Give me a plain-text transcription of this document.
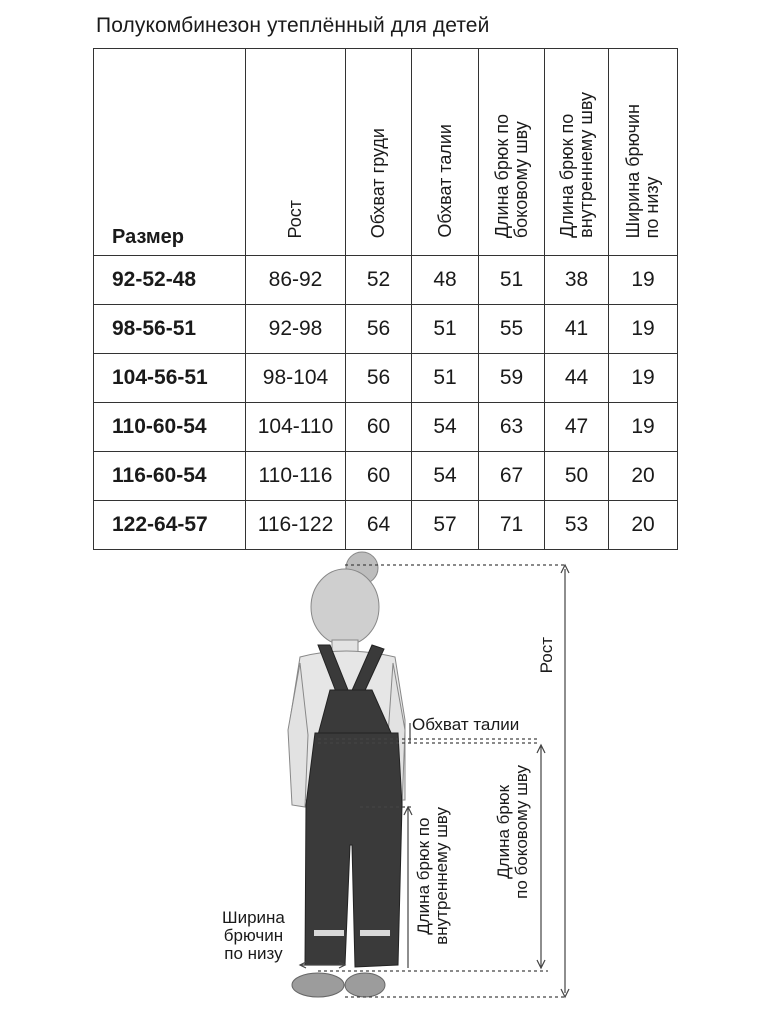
Полукомбинезон утеплённый для детей
Размер	Рост	Обхват груди	Обхват талии	Длина брюк по
боковому шву	Длина брюк по
внутреннему шву	Ширина брючин
по низу
92-52-48	86-92	52	48	51	38	19
98-56-51	92-98	56	51	55	41	19
104-56-51	98-104	56	51	59	44	19
110-60-54	104-110	60	54	63	47	19
116-60-54	110-116	60	54	67	50	20
122-64-57	116-122	64	57	71	53	20
Обхват талии
Рост
Длина брюк
по боковому шву
Длина брюк по
внутреннему шву
Ширина
брючин
по низу
